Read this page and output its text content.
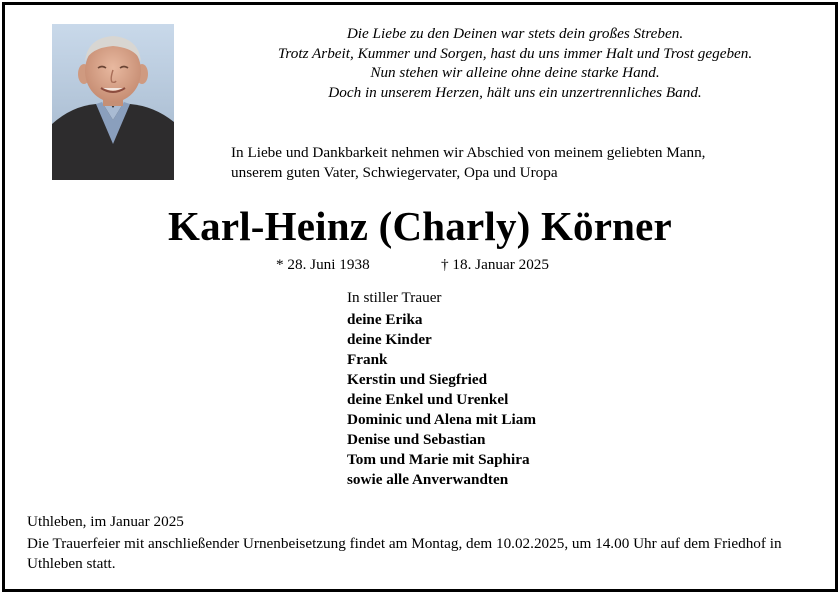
Die Liebe zu den Deinen war stets dein großes Streben.
Trotz Arbeit, Kummer und Sorgen, hast du uns immer Halt und Trost gegeben.
Nun stehen wir alleine ohne deine starke Hand.
Doch in unserem Herzen, hält uns ein unzertrennliches Band.
In Liebe und Dankbarkeit nehmen wir Abschied von meinem geliebten Mann,
unserem guten Vater, Schwiegervater, Opa und Uropa
Karl-Heinz (Charly) Körner
* 28. Juni 1938	† 18. Januar 2025
In stiller Trauer
deine Erika
deine Kinder
Frank
Kerstin und Siegfried
deine Enkel und Urenkel
Dominic und Alena mit Liam
Denise und Sebastian
Tom und Marie mit Saphira
sowie alle Anverwandten
Uthleben, im Januar 2025
Die Trauerfeier mit anschließender Urnenbeisetzung findet am Montag, dem 10.02.2025, um 14.00 Uhr auf dem Friedhof in Uthleben statt.
